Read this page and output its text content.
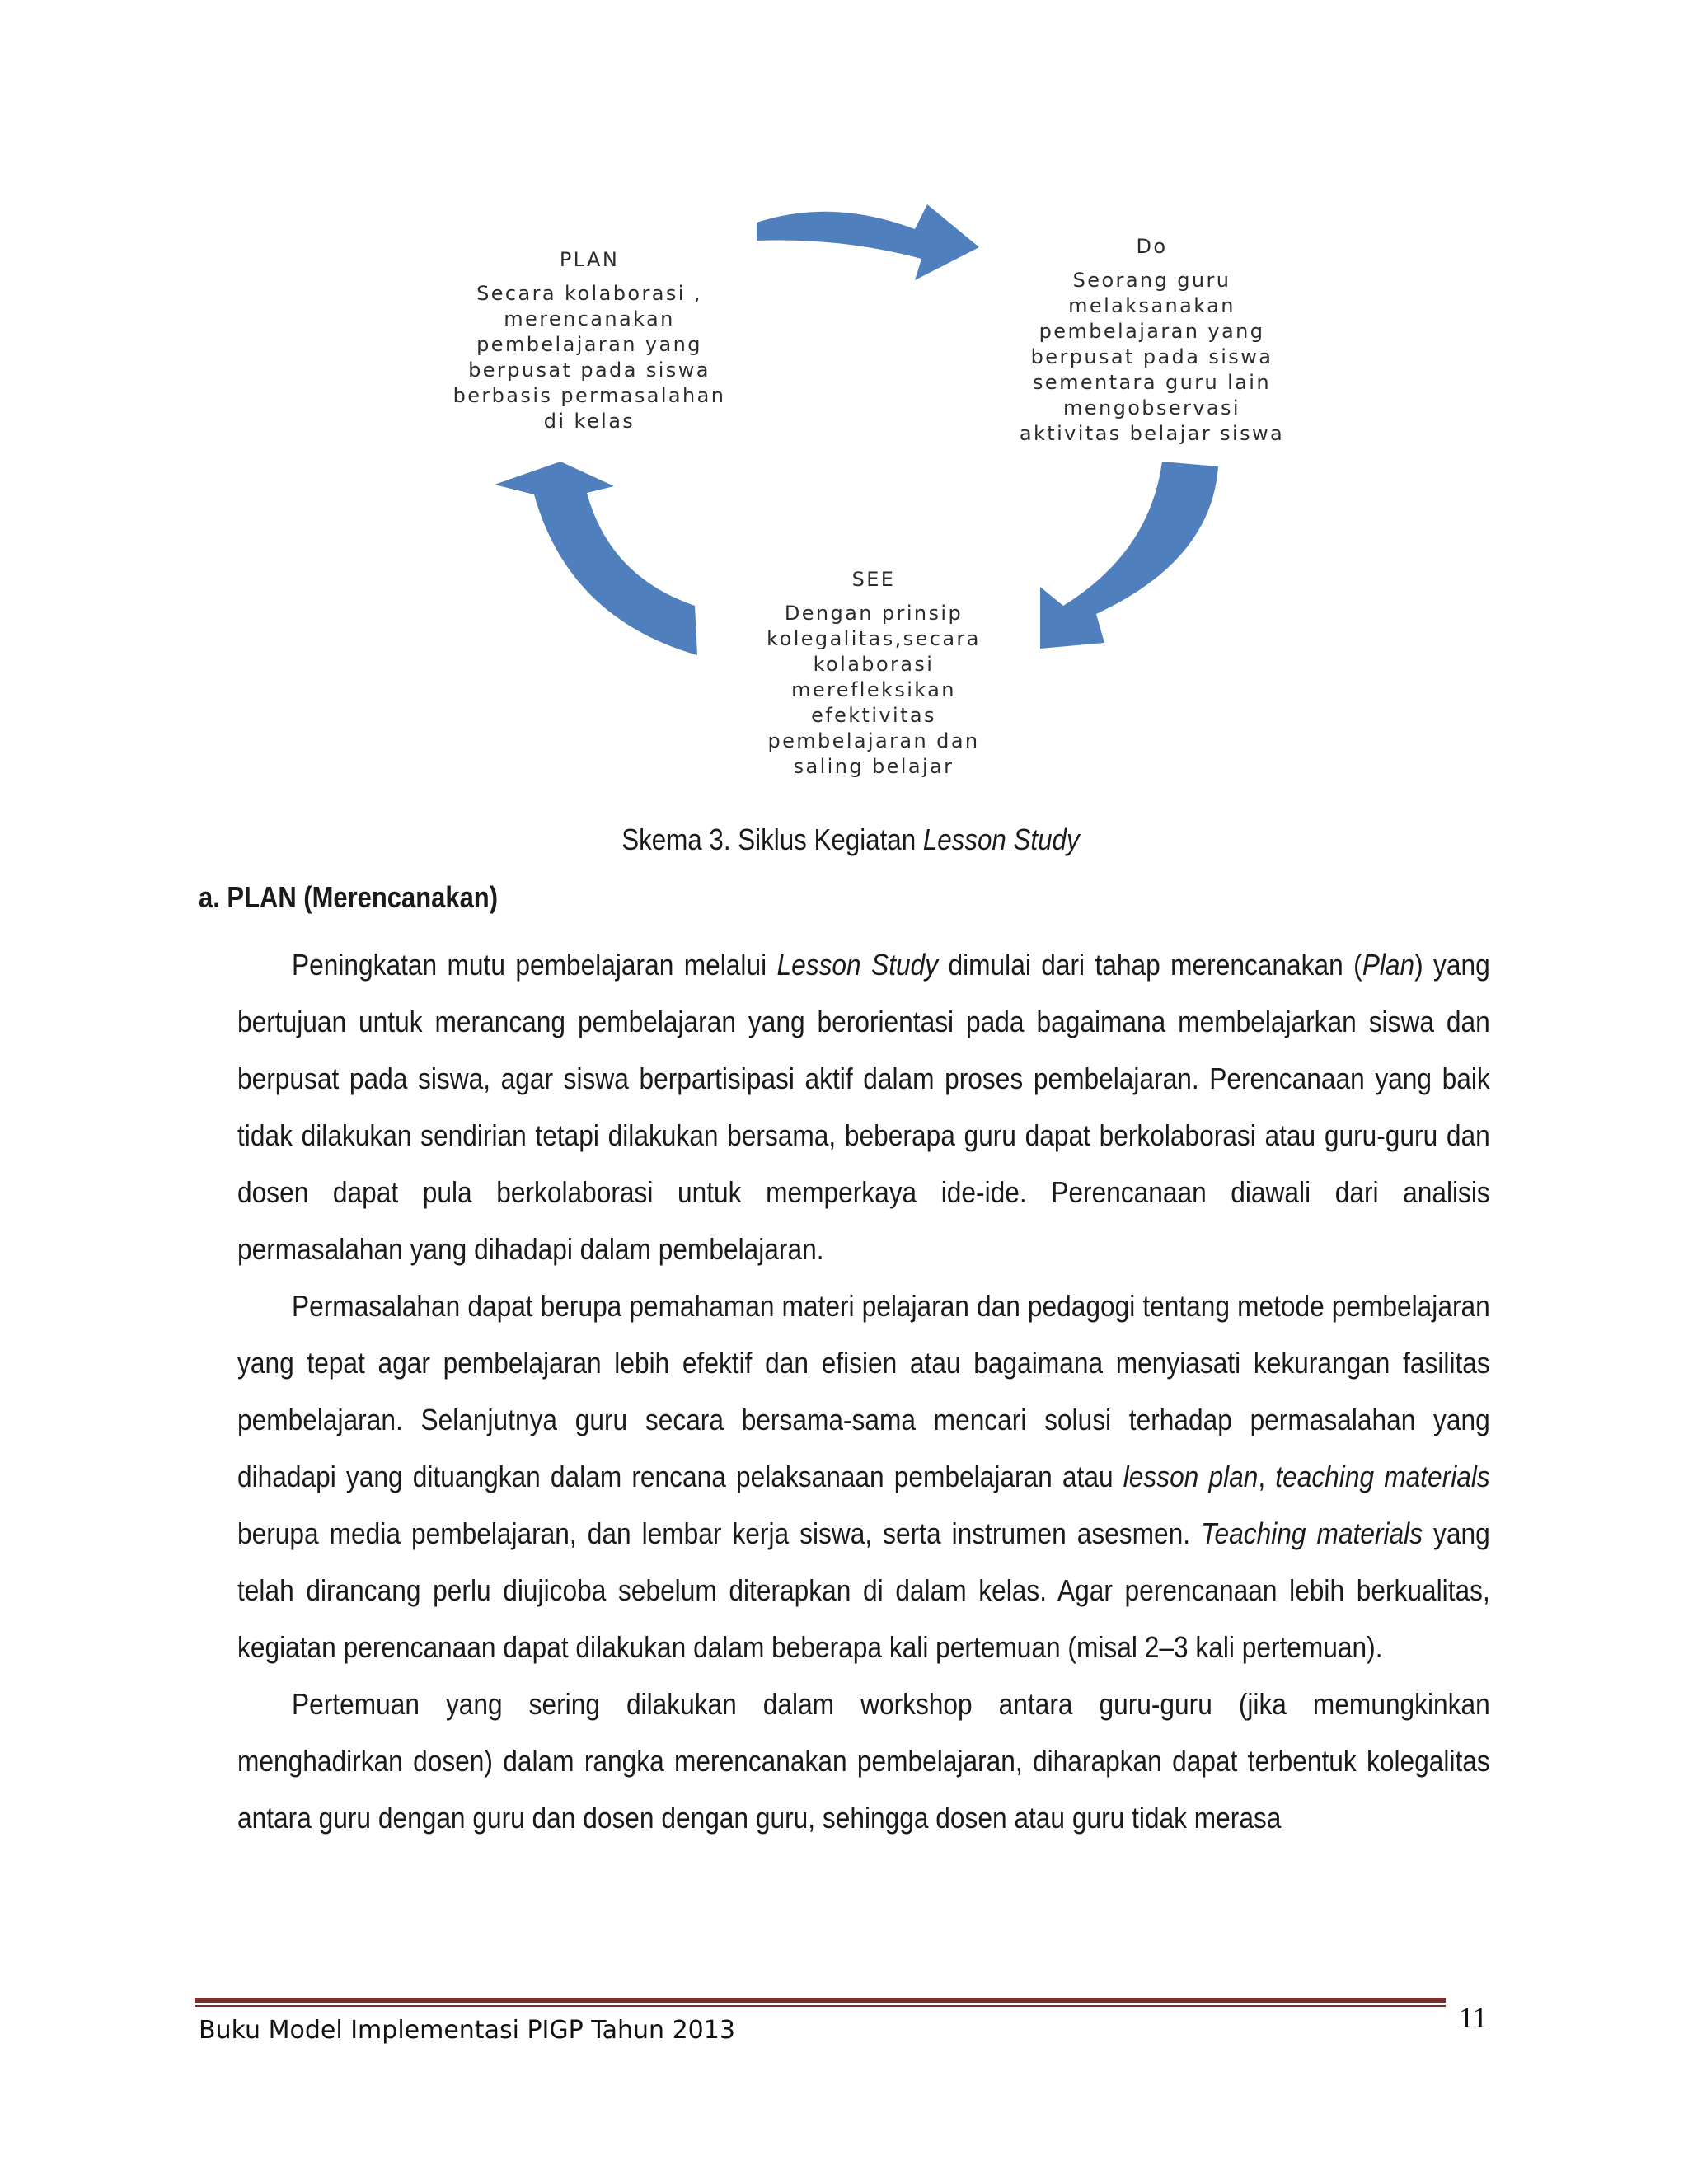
PLAN
Secara kolaborasi ,
merencanakan
pembelajaran yang
berpusat pada siswa
berbasis permasalahan
di kelas
Do
Seorang guru
melaksanakan
pembelajaran yang
berpusat pada siswa
sementara guru lain
mengobservasi
aktivitas belajar siswa
SEE
Dengan prinsip
kolegalitas,secara
kolaborasi
merefleksikan
efektivitas
pembelajaran dan
saling belajar
Skema 3. Siklus Kegiatan Lesson Study
a. PLAN (Merencanakan)

Peningkatan mutu pembelajaran melalui Lesson Study dimulai dari tahap merencanakan (Plan) yang bertujuan untuk merancang pembelajaran yang berorientasi pada bagaimana membelajarkan siswa dan berpusat pada siswa, agar siswa berpartisipasi aktif dalam proses pembelajaran. Perencanaan yang baik tidak dilakukan sendirian tetapi dilakukan bersama, beberapa guru dapat berkolaborasi atau guru-guru dan dosen dapat pula berkolaborasi untuk memperkaya ide-ide. Perencanaan diawali dari analisis permasalahan yang dihadapi dalam pembelajaran.

Permasalahan dapat berupa pemahaman materi pelajaran dan pedagogi tentang metode pembelajaran yang tepat agar pembelajaran lebih efektif dan efisien atau bagaimana menyiasati kekurangan fasilitas pembelajaran. Selanjutnya guru secara bersama-sama mencari solusi terhadap permasalahan yang dihadapi yang dituangkan dalam rencana pelaksanaan pembelajaran atau lesson plan, teaching materials berupa media pembelajaran, dan lembar kerja siswa, serta instrumen asesmen. Teaching materials yang telah dirancang perlu diujicoba sebelum diterapkan di dalam kelas. Agar perencanaan lebih berkualitas, kegiatan perencanaan dapat dilakukan dalam beberapa kali pertemuan (misal 2–3 kali pertemuan).

Pertemuan yang sering dilakukan dalam workshop antara guru-guru (jika memungkinkan menghadirkan dosen) dalam rangka merencanakan pembelajaran, diharapkan dapat terbentuk kolegalitas antara guru dengan guru dan dosen dengan guru, sehingga dosen atau guru tidak merasa

Buku Model Implementasi PIGP Tahun 2013	11
